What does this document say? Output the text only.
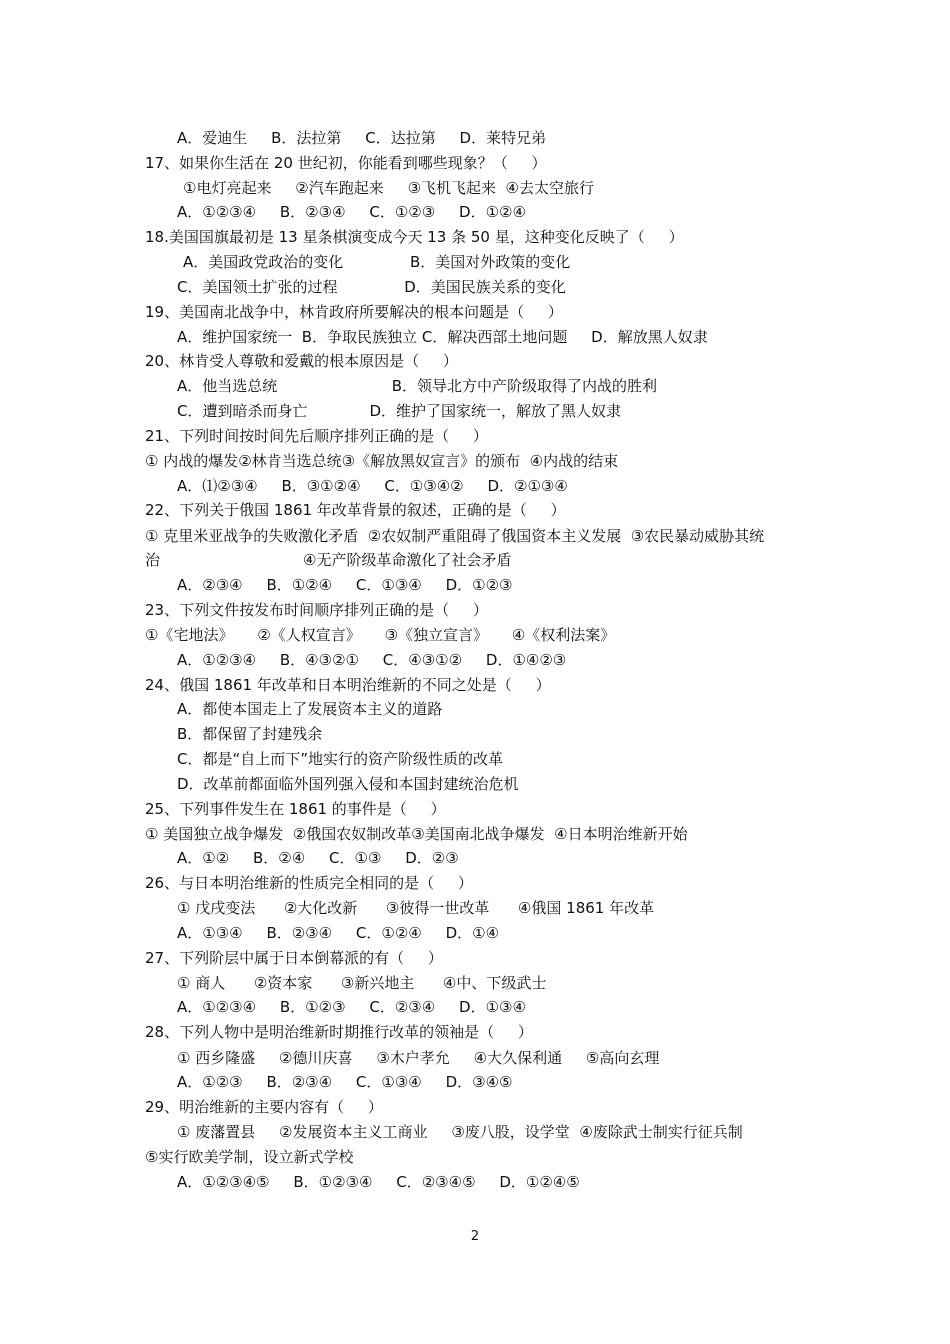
A．爱迪生     B．法拉第     C．达拉第     D．莱特兄弟
17、如果你生活在 20 世纪初，你能看到哪些现象？（     ）
①电灯亮起来     ②汽车跑起来     ③飞机飞起来  ④去太空旅行
A．①②③④     B．②③④     C．①②③     D．①②④
18.美国国旗最初是 13 星条棋演变成今天 13 条 50 星，这种变化反映了（     ）
A．美国政党政治的变化              B．美国对外政策的变化
C．美国领土扩张的过程              D．美国民族关系的变化
19、美国南北战争中，林肯政府所要解决的根本问题是（     ）
A．维护国家统一  B．争取民族独立 C．解决西部土地问题     D．解放黑人奴隶
20、林肯受人尊敬和爱戴的根本原因是（     ）
A．他当选总统                        B．领导北方中产阶级取得了内战的胜利
C．遭到暗杀而身亡             D．维护了国家统一，解放了黑人奴隶
21、下列时间按时间先后顺序排列正确的是（     ）
① 内战的爆发②林肯当选总统③《解放黑奴宣言》的颁布  ④内战的结束
A．⑴②③④     B．③①②④     C．①③④②     D．②①③④
22、下列关于俄国 1861 年改革背景的叙述，正确的是（     ）
① 克里米亚战争的失败激化矛盾  ②农奴制严重阻碍了俄国资本主义发展  ③农民暴动威胁其统
治                              ④无产阶级革命激化了社会矛盾
A．②③④     B．①②④     C．①③④     D．①②③
23、下列文件按发布时间顺序排列正确的是（     ）
①《宅地法》     ②《人权宣言》     ③《独立宣言》     ④《权利法案》
A．①②③④     B．④③②①     C．④③①②     D．①④②③
24、俄国 1861 年改革和日本明治维新的不同之处是（     ）
A．都使本国走上了发展资本主义的道路
B．都保留了封建残余
C．都是“自上而下”地实行的资产阶级性质的改革
D．改革前都面临外国列强入侵和本国封建统治危机
25、下列事件发生在 1861 的事件是（     ）
① 美国独立战争爆发  ②俄国农奴制改革③美国南北战争爆发  ④日本明治维新开始
A．①②     B．②④     C．①③     D．②③
26、与日本明治维新的性质完全相同的是（     ）
① 戊戌变法      ②大化改新      ③彼得一世改革      ④俄国 1861 年改革
A．①③④     B．②③④     C．①②④     D．①④
27、下列阶层中属于日本倒幕派的有（     ）
① 商人      ②资本家      ③新兴地主      ④中、下级武士
A．①②③④     B．①②③     C．②③④     D．①③④
28、下列人物中是明治维新时期推行改革的领袖是（     ）
① 西乡隆盛     ②德川庆喜     ③木户孝允     ④大久保利通     ⑤高向玄理
A．①②③     B．②③④     C．①③④     D．③④⑤
29、明治维新的主要内容有（     ）
① 废藩置县     ②发展资本主义工商业     ③废八股，设学堂  ④废除武士制实行征兵制
⑤实行欧美学制，设立新式学校
A．①②③④⑤     B．①②③④     C．②③④⑤     D．①②④⑤
2
